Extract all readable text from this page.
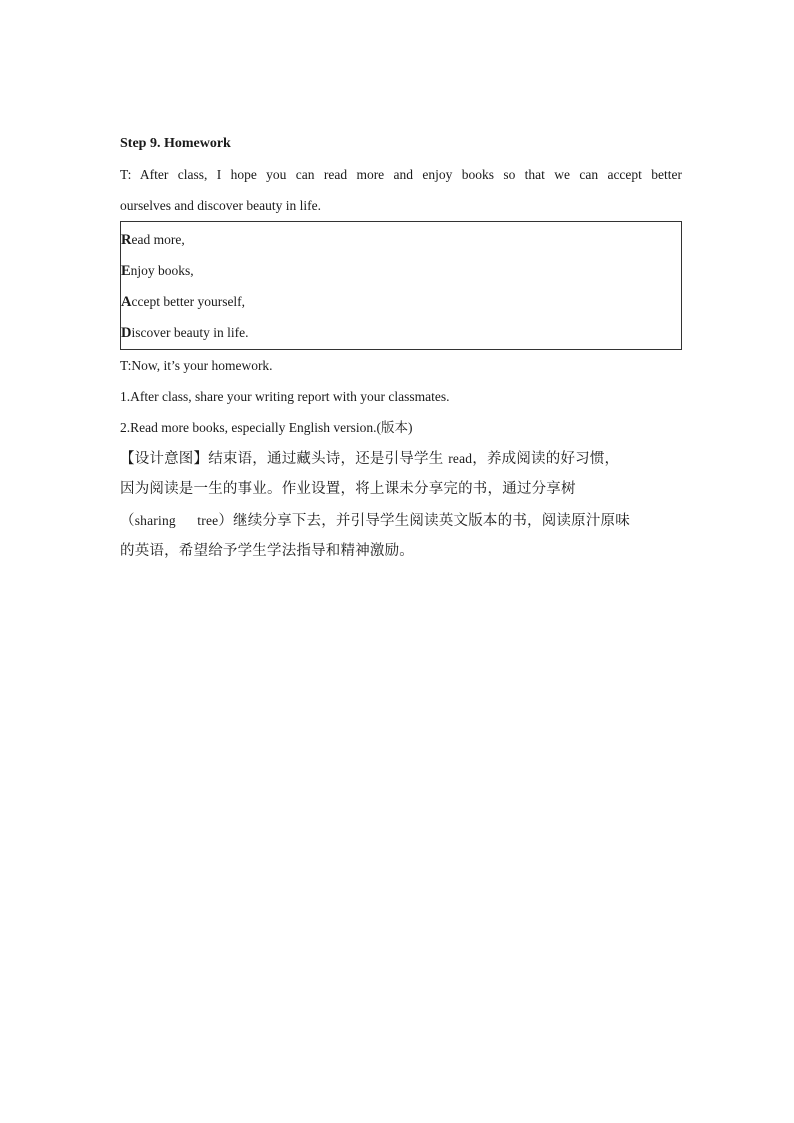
Step 9. Homework

T: After class, I hope you can read more and enjoy books so that we can accept better

ourselves and discover beauty in life.

Read more,

Enjoy books,

Accept better yourself,

Discover beauty in life.

T:Now, it’s your homework.

1.After class, share your writing report with your classmates.

2.Read more books, especially English version.(版本)

【设计意图】结束语，通过藏头诗，还是引导学生 read，养成阅读的好习惯，

因为阅读是一生的事业。作业设置，将上课未分享完的书，通过分享树

（sharing      tree）继续分享下去，并引导学生阅读英文版本的书，阅读原汁原味

的英语，希望给予学生学法指导和精神激励。
